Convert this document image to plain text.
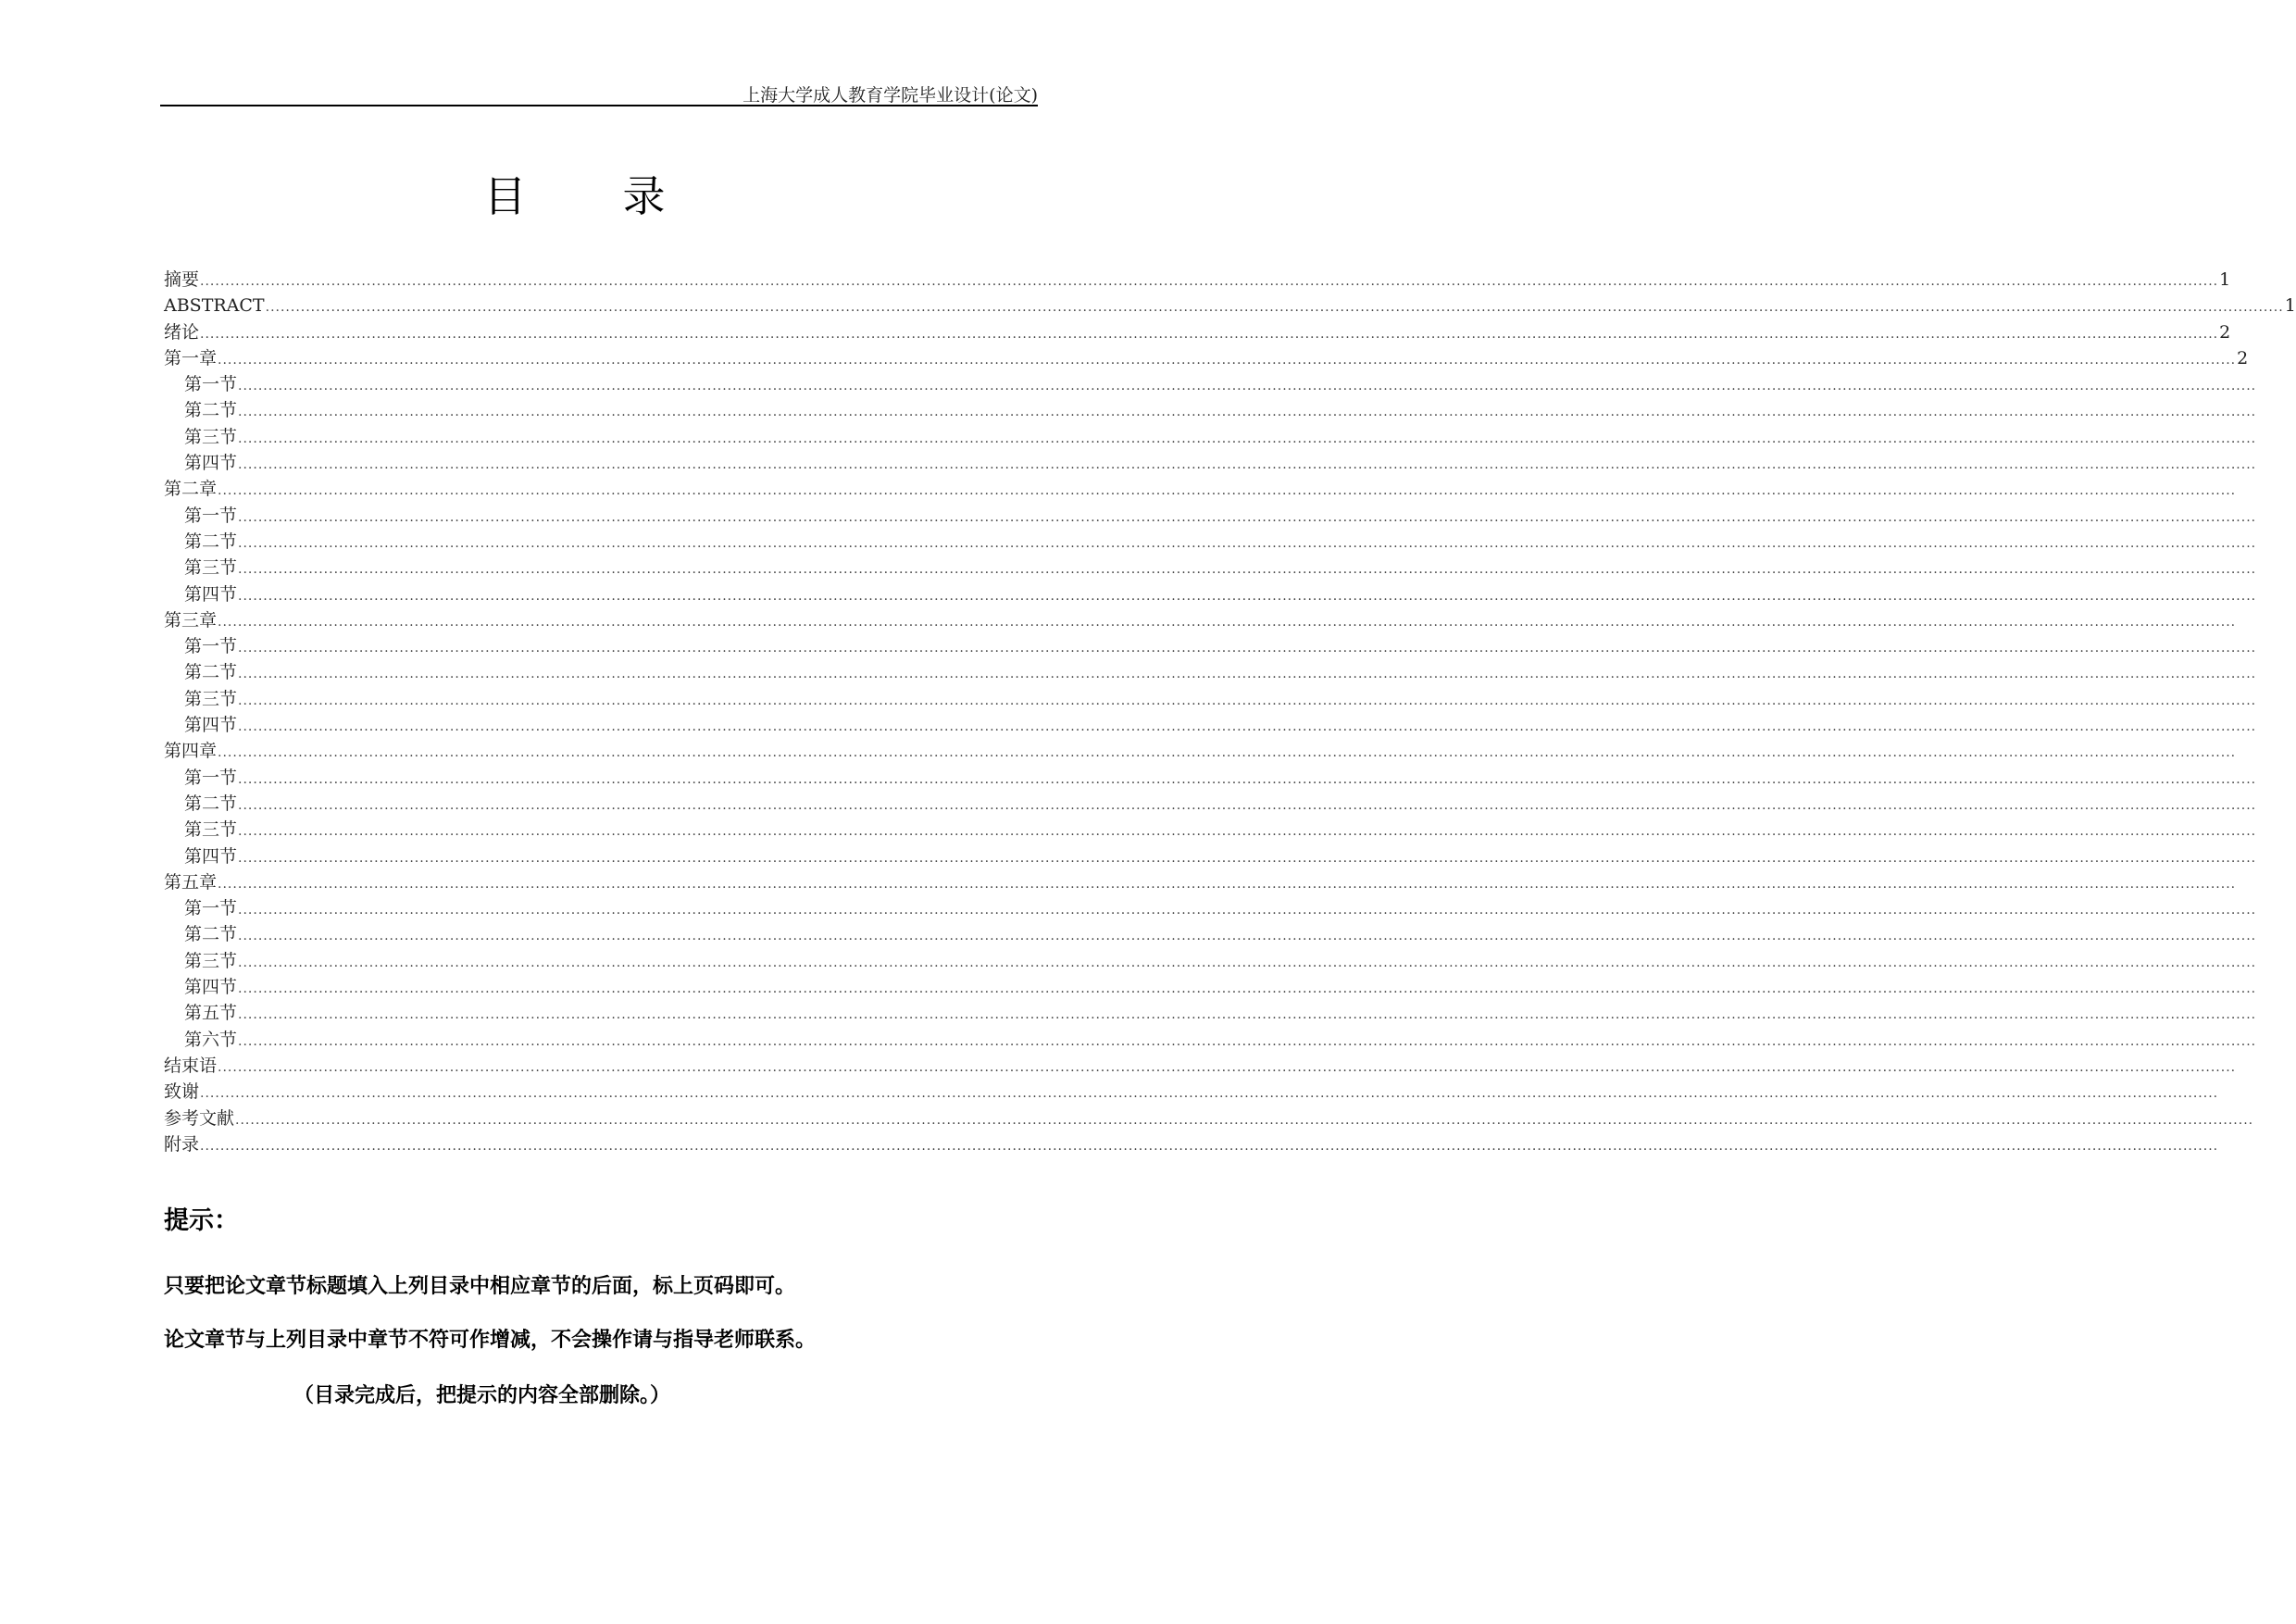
上海大学成人教育学院毕业设计(论文)
目 录
摘要 ................................................................................................................................................................................................................................................................................................................................................................................................................ 1
ABSTRACT ................................................................................................................................................................................................................................................................................................................................................................................................................ 1
绪论 ................................................................................................................................................................................................................................................................................................................................................................................................................ 2
第一章 ................................................................................................................................................................................................................................................................................................................................................................................................................ 2
第一节 ................................................................................................................................................................................................................................................................................................................................................................................................................
第二节 ................................................................................................................................................................................................................................................................................................................................................................................................................
第三节 ................................................................................................................................................................................................................................................................................................................................................................................................................
第四节 ................................................................................................................................................................................................................................................................................................................................................................................................................
第二章 ................................................................................................................................................................................................................................................................................................................................................................................................................
第一节 ................................................................................................................................................................................................................................................................................................................................................................................................................
第二节 ................................................................................................................................................................................................................................................................................................................................................................................................................
第三节 ................................................................................................................................................................................................................................................................................................................................................................................................................
第四节 ................................................................................................................................................................................................................................................................................................................................................................................................................
第三章 ................................................................................................................................................................................................................................................................................................................................................................................................................
第一节 ................................................................................................................................................................................................................................................................................................................................................................................................................
第二节 ................................................................................................................................................................................................................................................................................................................................................................................................................
第三节 ................................................................................................................................................................................................................................................................................................................................................................................................................
第四节 ................................................................................................................................................................................................................................................................................................................................................................................................................
第四章 ................................................................................................................................................................................................................................................................................................................................................................................................................
第一节 ................................................................................................................................................................................................................................................................................................................................................................................................................
第二节 ................................................................................................................................................................................................................................................................................................................................................................................................................
第三节 ................................................................................................................................................................................................................................................................................................................................................................................................................
第四节 ................................................................................................................................................................................................................................................................................................................................................................................................................
第五章 ................................................................................................................................................................................................................................................................................................................................................................................................................
第一节 ................................................................................................................................................................................................................................................................................................................................................................................................................
第二节 ................................................................................................................................................................................................................................................................................................................................................................................................................
第三节 ................................................................................................................................................................................................................................................................................................................................................................................................................
第四节 ................................................................................................................................................................................................................................................................................................................................................................................................................
第五节 ................................................................................................................................................................................................................................................................................................................................................................................................................
第六节 ................................................................................................................................................................................................................................................................................................................................................................................................................
结束语 ................................................................................................................................................................................................................................................................................................................................................................................................................
致谢 ................................................................................................................................................................................................................................................................................................................................................................................................................
参考文献 ................................................................................................................................................................................................................................................................................................................................................................................................................
附录 ................................................................................................................................................................................................................................................................................................................................................................................................................
提示：
只要把论文章节标题填入上列目录中相应章节的后面，标上页码即可。
论文章节与上列目录中章节不符可作增减，不会操作请与指导老师联系。
（目录完成后，把提示的内容全部删除。）
